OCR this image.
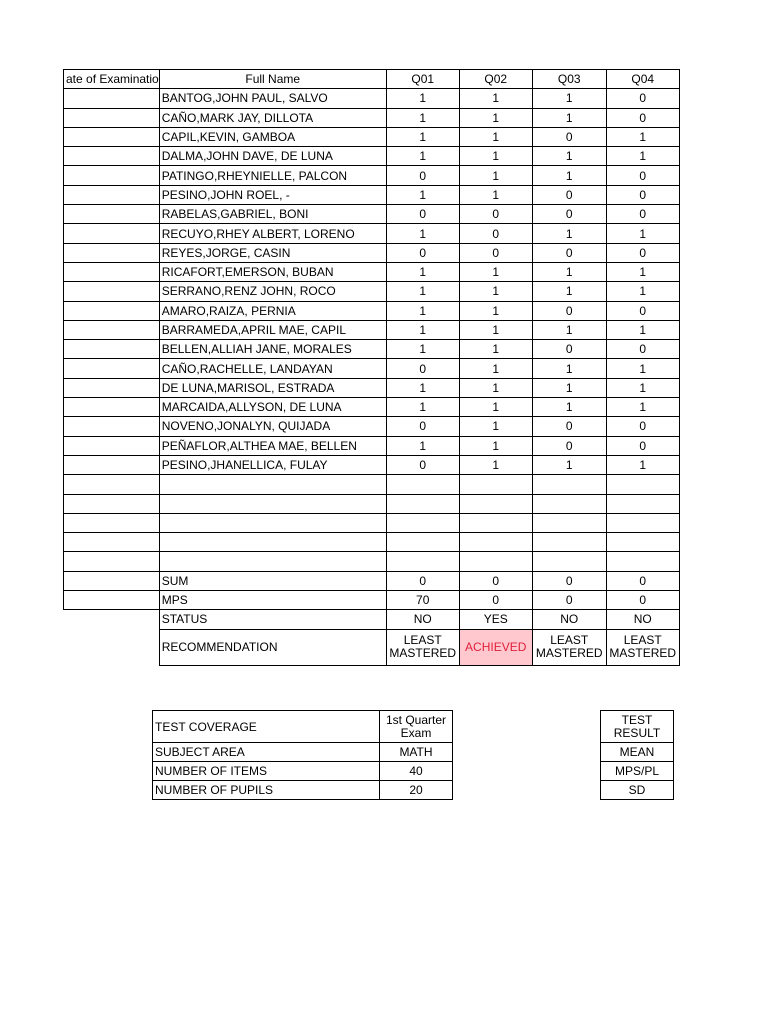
ate of Examinatio	Full Name	Q01	Q02	Q03	Q04
	BANTOG,JOHN PAUL, SALVO	1	1	1	0
	CAÑO,MARK JAY, DILLOTA	1	1	1	0
	CAPIL,KEVIN, GAMBOA	1	1	0	1
	DALMA,JOHN DAVE, DE LUNA	1	1	1	1
	PATINGO,RHEYNIELLE, PALCON	0	1	1	0
	PESINO,JOHN ROEL, -	1	1	0	0
	RABELAS,GABRIEL, BONI	0	0	0	0
	RECUYO,RHEY ALBERT, LORENO	1	0	1	1
	REYES,JORGE, CASIN	0	0	0	0
	RICAFORT,EMERSON, BUBAN	1	1	1	1
	SERRANO,RENZ JOHN, ROCO	1	1	1	1
	AMARO,RAIZA, PERNIA	1	1	0	0
	BARRAMEDA,APRIL MAE, CAPIL	1	1	1	1
	BELLEN,ALLIAH JANE, MORALES	1	1	0	0
	CAÑO,RACHELLE, LANDAYAN	0	1	1	1
	DE LUNA,MARISOL, ESTRADA	1	1	1	1
	MARCAIDA,ALLYSON, DE LUNA	1	1	1	1
	NOVENO,JONALYN, QUIJADA	0	1	0	0
	PEÑAFLOR,ALTHEA MAE, BELLEN	1	1	0	0
	PESINO,JHANELLICA, FULAY	0	1	1	1

	SUM	0	0	0	0
	MPS	70	0	0	0
	STATUS	NO	YES	NO	NO
	RECOMMENDATION	LEAST MASTERED	ACHIEVED	LEAST MASTERED	LEAST MASTERED
TEST COVERAGE	1st Quarter Exam
SUBJECT AREA	MATH
NUMBER OF ITEMS	40
NUMBER OF PUPILS	20
TEST RESULT
MEAN
MPS/PL
SD
